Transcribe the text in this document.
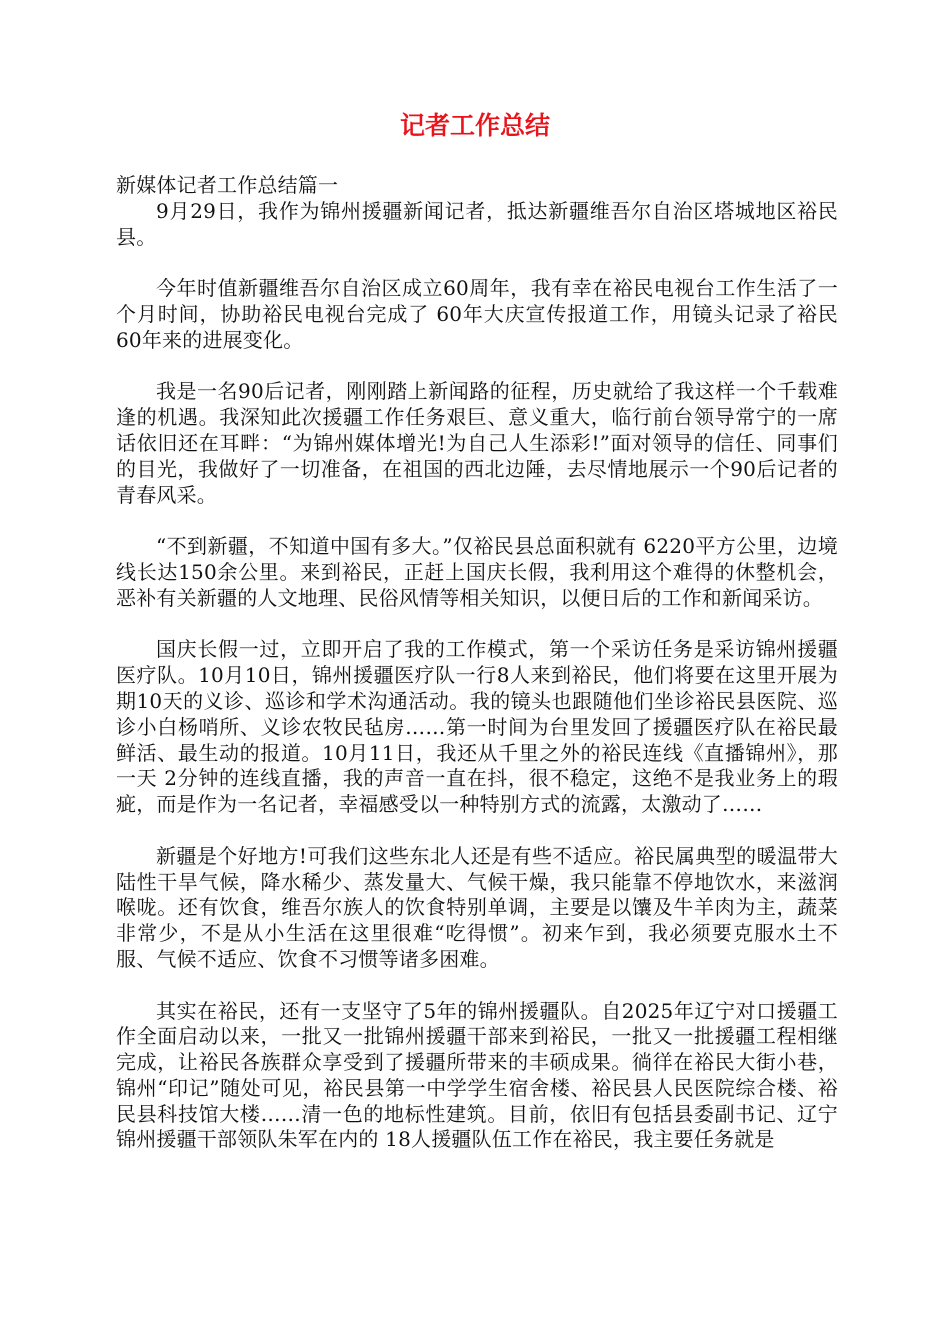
记者工作总结

新媒体记者工作总结篇一

9月29日，我作为锦州援疆新闻记者，抵达新疆维吾尔自治区塔城地区裕民县。

今年时值新疆维吾尔自治区成立60周年，我有幸在裕民电视台工作生活了一个月时间，协助裕民电视台完成了 60年大庆宣传报道工作，用镜头记录了裕民60年来的进展变化。

我是一名90后记者，刚刚踏上新闻路的征程，历史就给了我这样一个千载难逢的机遇。我深知此次援疆工作任务艰巨、意义重大，临行前台领导常宁的一席话依旧还在耳畔：“为锦州媒体增光!为自己人生添彩!”面对领导的信任、同事们的目光，我做好了一切准备，在祖国的西北边陲，去尽情地展示一个90后记者的青春风采。

“不到新疆，不知道中国有多大。”仅裕民县总面积就有 6220平方公里，边境线长达150余公里。来到裕民，正赶上国庆长假，我利用这个难得的休整机会，恶补有关新疆的人文地理、民俗风情等相关知识，以便日后的工作和新闻采访。

国庆长假一过，立即开启了我的工作模式，第一个采访任务是采访锦州援疆医疗队。10月10日，锦州援疆医疗队一行8人来到裕民，他们将要在这里开展为期10天的义诊、巡诊和学术沟通活动。我的镜头也跟随他们坐诊裕民县医院、巡诊小白杨哨所、义诊农牧民毡房……第一时间为台里发回了援疆医疗队在裕民最鲜活、最生动的报道。10月11日，我还从千里之外的裕民连线《直播锦州》，那一天 2分钟的连线直播，我的声音一直在抖，很不稳定，这绝不是我业务上的瑕疵，而是作为一名记者，幸福感受以一种特别方式的流露，太激动了……

新疆是个好地方!可我们这些东北人还是有些不适应。裕民属典型的暖温带大陆性干旱气候，降水稀少、蒸发量大、气候干燥，我只能靠不停地饮水，来滋润喉咙。还有饮食，维吾尔族人的饮食特别单调，主要是以馕及牛羊肉为主，蔬菜非常少，不是从小生活在这里很难“吃得惯”。初来乍到，我必须要克服水土不服、气候不适应、饮食不习惯等诸多困难。

其实在裕民，还有一支坚守了5年的锦州援疆队。自2025年辽宁对口援疆工作全面启动以来，一批又一批锦州援疆干部来到裕民，一批又一批援疆工程相继完成，让裕民各族群众享受到了援疆所带来的丰硕成果。徜徉在裕民大街小巷，锦州“印记”随处可见，裕民县第一中学学生宿舍楼、裕民县人民医院综合楼、裕民县科技馆大楼……清一色的地标性建筑。目前，依旧有包括县委副书记、辽宁锦州援疆干部领队朱军在内的 18人援疆队伍工作在裕民，我主要任务就是
